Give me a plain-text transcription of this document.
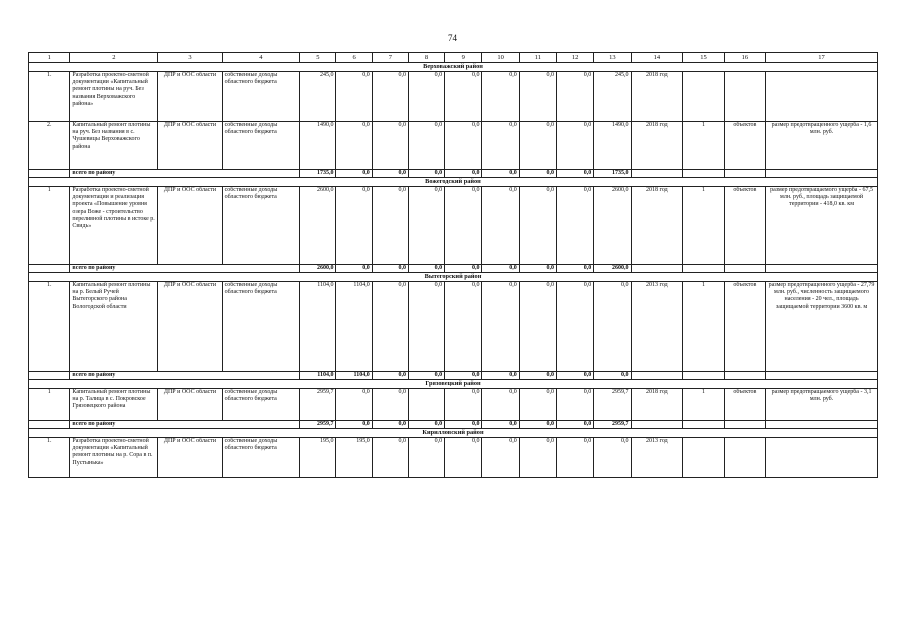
74
1	2	3	4	5	6	7	8	9	10	11	12	13	14	15	16	17
Верховажский район																
1.	Разработка проектно-сметной документации «Капитальный ремонт плотины на руч. Без названия Верховажского района»	ДПР и ООС области	собственные доходы областного бюджета	245,0	0,0	0,0	0,0	0,0	0,0	0,0	0,0	245,0	2018 год			
2.	Капитальный ремонт плотины на руч. Без названия в с. Чушевицы Верховажского района	ДПР и ООС области	собственные доходы областного бюджета	1490,0	0,0	0,0	0,0	0,0	0,0	0,0	0,0	1490,0	2018 год	1	объектов	размер предотвращенного ущерба - 1,6 млн. руб.
	всего по району			1735,0	0,0	0,0	0,0	0,0	0,0	0,0	0,0	1735,0				
Вожегодский район																
1	Разработка проектно-сметной документации и реализация проекта «Повышение уровня озера Воже - строительство переливной плотины в истоке р. Свидь»	ДПР и ООС области	собственные доходы областного бюджета	2600,0	0,0	0,0	0,0	0,0	0,0	0,0	0,0	2600,0	2018 год	1	объектов	размер предотвращаемого ущерба - 67,5 млн. руб., площадь защищаемой территории - 418,0 кв. км
	всего по району			2600,0	0,0	0,0	0,0	0,0	0,0	0,0	0,0	2600,0				
Вытегорский район																
1.	Капитальный ремонт плотины на р. Белый Ручей Вытегорского района Вологодской области	ДПР и ООС области	собственные доходы областного бюджета	1104,0	1104,0	0,0	0,0	0,0	0,0	0,0	0,0	0,0	2013 год	1	объектов	размер предотвращенного ущерба - 27,79 млн. руб., численность защищаемого населения - 20 чел., площадь защищаемой территории 3600 кв. м
	всего по району			1104,0	1104,0	0,0	0,0	0,0	0,0	0,0	0,0	0,0				
Грязовецкий район																
1	Капитальный ремонт плотины на р. Талица в с. Покровское Грязовецкого района	ДПР и ООС области	собственные доходы областного бюджета	2959,7	0,0	0,0		0,0	0,0	0,0	0,0	2959,7	2018 год	1	объектов	размер предотвращаемого ущерба - 3,1 млн. руб.
	всего по району			2959,7	0,0	0,0	0,0	0,0	0,0	0,0	0,0	2959,7				
Кирилловский район																
1.	Разработка проектно-сметной документации «Капитальный ремонт плотины на р. Сора в п. Пустынька»	ДПР и ООС области	собственные доходы областного бюджета	195,0	195,0	0,0	0,0	0,0	0,0	0,0	0,0	0,0	2013 год			
